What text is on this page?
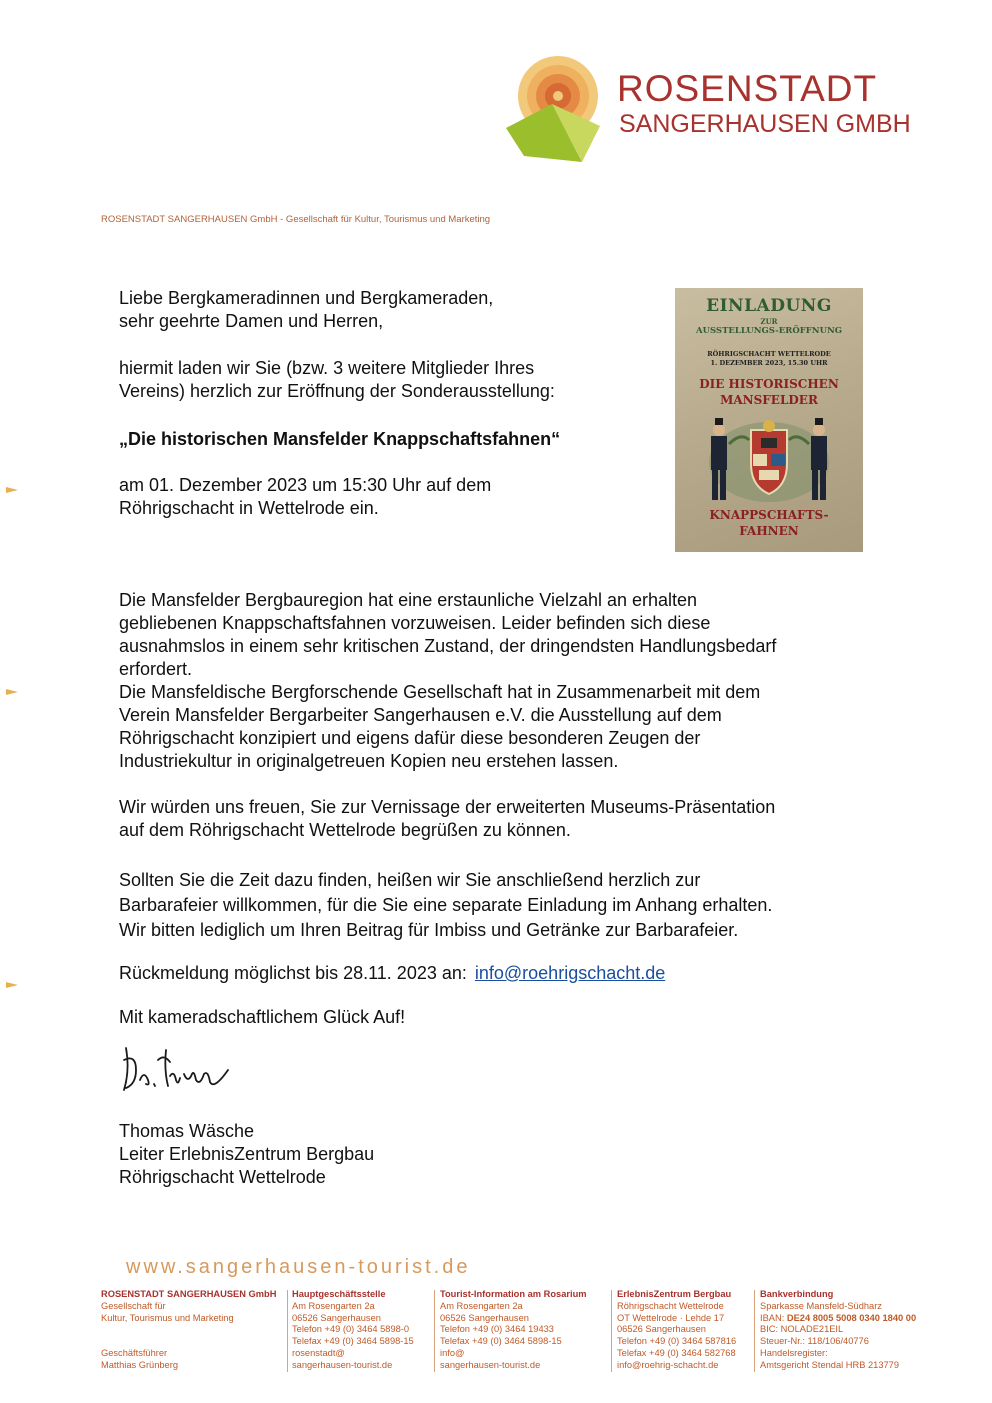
ROSENSTADT
SANGERHAUSEN GMBH
ROSENSTADT SANGERHAUSEN GmbH - Gesellschaft für Kultur, Tourismus und Marketing
Liebe Bergkameradinnen und Bergkameraden,
sehr geehrte Damen und Herren,
hiermit laden wir Sie (bzw. 3 weitere Mitglieder Ihres
Vereins) herzlich zur Eröffnung der Sonderausstellung:
„Die historischen Mansfelder Knappschaftsfahnen“
am 01. Dezember 2023 um 15:30 Uhr auf dem
Röhrigschacht in Wettelrode ein.
EINLADUNG
ZUR
AUSSTELLUNGS-ERÖFFNUNG
RÖHRIGSCHACHT WETTELRODE
1. DEZEMBER 2023, 15.30 UHR
DIE HISTORISCHEN
MANSFELDER
KNAPPSCHAFTS-
FAHNEN
Die Mansfelder Bergbauregion hat eine erstaunliche Vielzahl an erhalten
gebliebenen Knappschaftsfahnen vorzuweisen. Leider befinden sich diese
ausnahmslos in einem sehr kritischen Zustand, der dringendsten Handlungsbedarf
erfordert.
Die Mansfeldische Bergforschende Gesellschaft hat in Zusammenarbeit mit dem
Verein Mansfelder Bergarbeiter Sangerhausen e.V. die Ausstellung auf dem
Röhrigschacht konzipiert und eigens dafür diese besonderen Zeugen der
Industriekultur in originalgetreuen Kopien neu erstehen lassen.
Wir würden uns freuen, Sie zur Vernissage der erweiterten Museums-Präsentation
auf dem Röhrigschacht Wettelrode begrüßen zu können.
Sollten Sie die Zeit dazu finden, heißen wir Sie anschließend herzlich zur
Barbarafeier willkommen, für die Sie eine separate Einladung im Anhang erhalten.
Wir bitten lediglich um Ihren Beitrag für Imbiss und Getränke zur Barbarafeier.
Rückmeldung möglichst bis 28.11. 2023 an: info@roehrigschacht.de
Mit kameradschaftlichem Glück Auf!
Thomas Wäsche
Leiter ErlebnisZentrum Bergbau
Röhrigschacht Wettelrode
www.sangerhausen-tourist.de
ROSENSTADT SANGERHAUSEN GmbH
Gesellschaft für
Kultur, Tourismus und Marketing
Geschäftsführer
Matthias Grünberg
Hauptgeschäftsstelle
Am Rosengarten 2a
06526 Sangerhausen
Telefon +49 (0) 3464 5898-0
Telefax +49 (0) 3464 5898-15
rosenstadt@
sangerhausen-tourist.de
Tourist-Information am Rosarium
Am Rosengarten 2a
06526 Sangerhausen
Telefon +49 (0) 3464 19433
Telefax +49 (0) 3464 5898-15
info@
sangerhausen-tourist.de
ErlebnisZentrum Bergbau
Röhrigschacht Wettelrode
OT Wettelrode · Lehde 17
06526 Sangerhausen
Telefon +49 (0) 3464 587816
Telefax +49 (0) 3464 582768
info@roehrig-schacht.de
Bankverbindung
Sparkasse Mansfeld-Südharz
IBAN: DE24 8005 5008 0340 1840 00
BIC: NOLADE21EIL
Steuer-Nr.: 118/106/40776
Handelsregister:
Amtsgericht Stendal HRB 213779
